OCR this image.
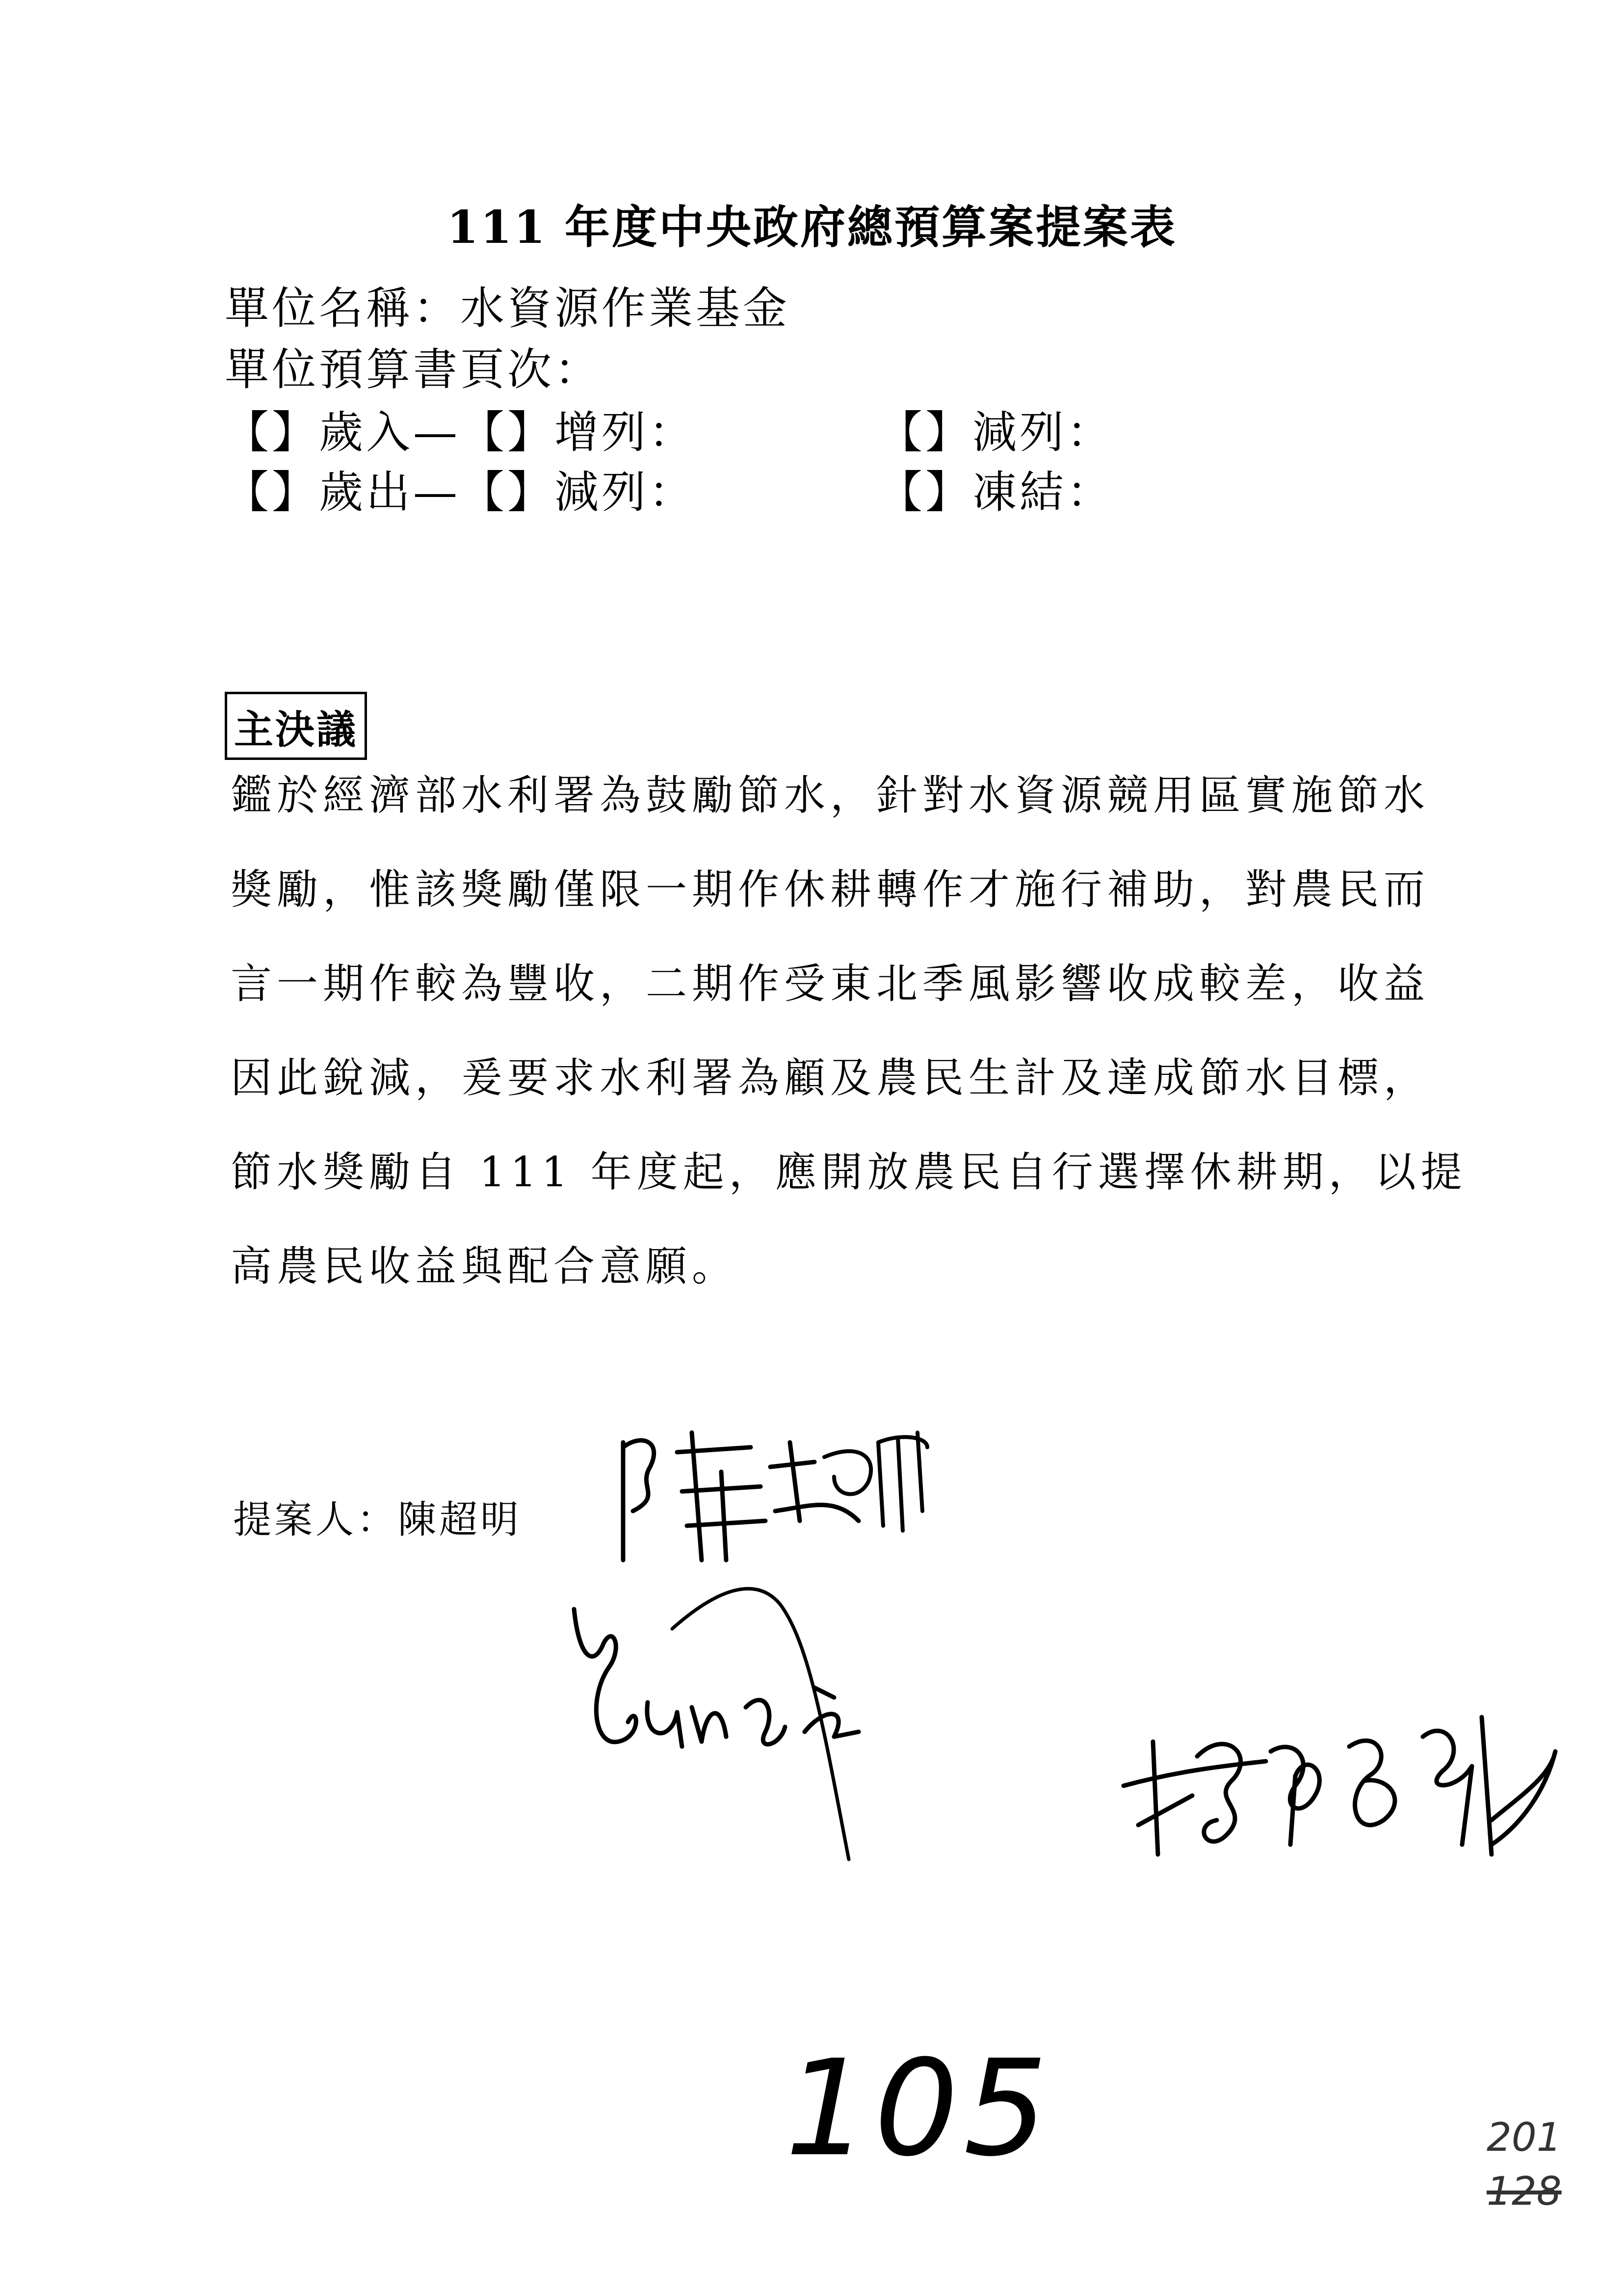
111 年度中央政府總預算案提案表
單位名稱：水資源作業基金
單位預算書頁次：
【】歲入—【】增列：	【】減列：
【】歲出—【】減列：	【】凍結：
主決議
鑑於經濟部水利署為鼓勵節水，針對水資源競用區實施節水
獎勵，惟該獎勵僅限一期作休耕轉作才施行補助，對農民而
言一期作較為豐收，二期作受東北季風影響收成較差，收益
因此銳減，爰要求水利署為顧及農民生計及達成節水目標，
節水獎勵自 111 年度起，應開放農民自行選擇休耕期，以提
高農民收益與配合意願。
提案人：陳超明
105	201
128
